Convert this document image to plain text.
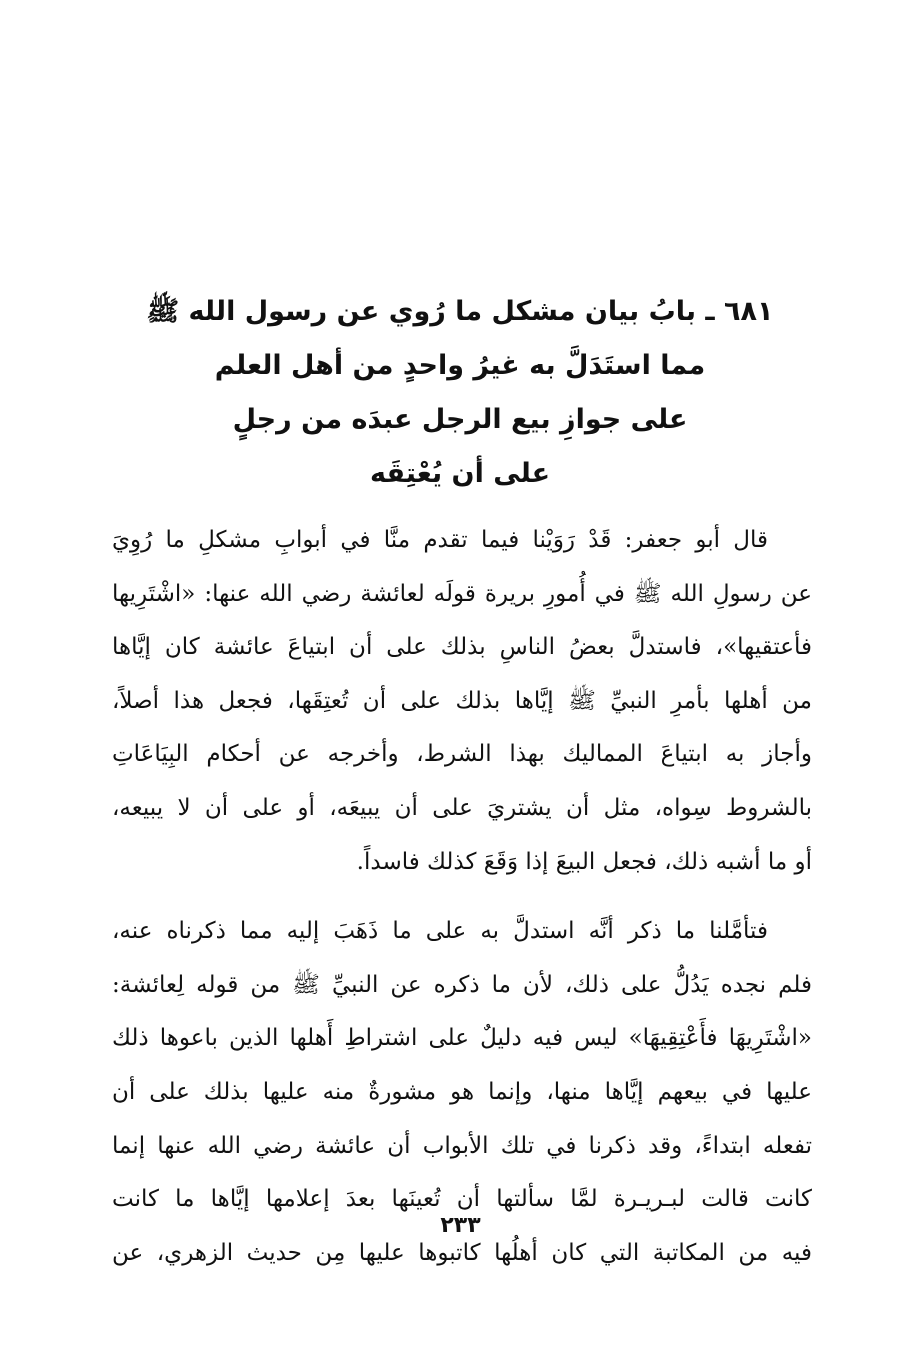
٦٨١ ـ بابُ بيان مشكل ما رُوي عن رسول الله ﷺ
مما استَدَلَّ به غيرُ واحدٍ من أهل العلم
على جوازِ بيع الرجل عبدَه من رجلٍ
على أن يُعْتِقَه
قال أبو جعفر: قَدْ رَوَيْنا فيما تقدم منَّا في أبوابِ مشكلِ ما رُوِيَ
عن رسولِ الله ﷺ في أُمورِ بريرة قولَه لعائشة رضي الله عنها: «اشْتَرِيها
فأعتقيها»، فاستدلَّ بعضُ الناسِ بذلك على أن ابتياعَ عائشة كان إيَّاها
من أهلها بأمرِ النبيِّ ﷺ إيَّاها بذلك على أن تُعتِقَها، فجعل هذا أصلاً،
وأجاز به ابتياعَ المماليك بهذا الشرط، وأخرجه عن أحكام البِيَاعَاتِ
بالشروط سِواه، مثل أن يشتريَ على أن يبيعَه، أو على أن لا يبيعه،
أو ما أشبه ذلك، فجعل البيعَ إذا وَقَعَ كذلك فاسداً.
فتأمَّلنا ما ذكر أنَّه استدلَّ به على ما ذَهَبَ إليه مما ذكرناه عنه،
فلم نجده يَدُلُّ على ذلك، لأن ما ذكره عن النبيِّ ﷺ من قوله لِعائشة:
«اشْتَرِيهَا فأَعْتِقِيهَا» ليس فيه دليلٌ على اشتراطِ أَهلها الذين باعوها ذلك
عليها في بيعهم إيَّاها منها، وإنما هو مشورةٌ منه عليها بذلك على أن
تفعله ابتداءً، وقد ذكرنا في تلك الأبواب أن عائشة رضي الله عنها إنما
كانت قالت لبـريـرة لمَّا سألتها أن تُعينَها بعدَ إعلامها إيَّاها ما كانت
فيه من المكاتبة التي كان أهلُها كاتبوها عليها مِن حديث الزهري، عن
٢٣٣
